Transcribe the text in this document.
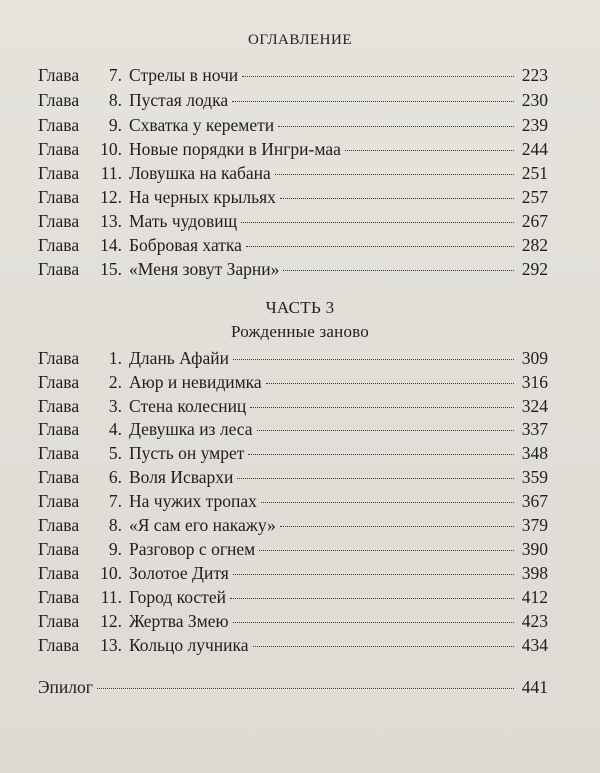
ОГЛАВЛЕНИЕ
Глава	7. Стрелы в ночи	223
Глава	8. Пустая лодка	230
Глава	9. Схватка у керемети	239
Глава	10. Новые порядки в Ингри-маа	244
Глава	11. Ловушка на кабана	251
Глава	12. На черных крыльях	257
Глава	13. Мать чудовищ	267
Глава	14. Бобровая хатка	282
Глава	15. «Меня зовут Зарни»	292
ЧАСТЬ 3
Рожденные заново
Глава	1. Длань Афайи	309
Глава	2. Аюр и невидимка	316
Глава	3. Стена колесниц	324
Глава	4. Девушка из леса	337
Глава	5. Пусть он умрет	348
Глава	6. Воля Исвархи	359
Глава	7. На чужих тропах	367
Глава	8. «Я сам его накажу»	379
Глава	9. Разговор с огнем	390
Глава	10. Золотое Дитя	398
Глава	11. Город костей	412
Глава	12. Жертва Змею	423
Глава	13. Кольцо лучника	434
Эпилог	441
